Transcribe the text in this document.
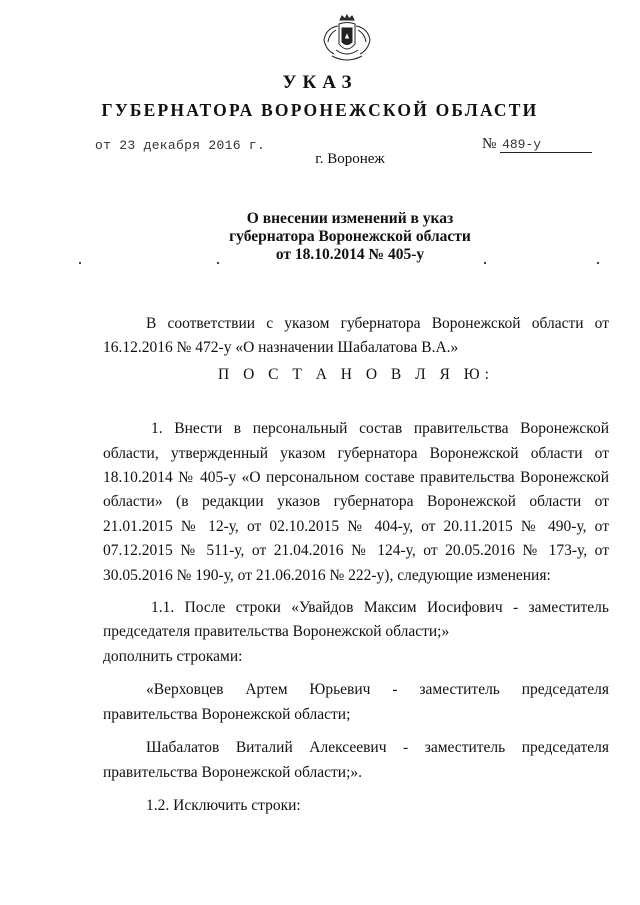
УКАЗ
ГУБЕРНАТОРА ВОРОНЕЖСКОЙ ОБЛАСТИ
от 23 декабря 2016 г.	№ 489-у
г. Воронеж
О внесении изменений в указ
губернатора Воронежской области
от 18.10.2014 № 405-у

В соответствии с указом губернатора Воронежской области от 16.12.2016 № 472-у «О назначении Шабалатова В.А.»

П О С Т А Н О В Л Я Ю:

1. Внести в персональный состав правительства Воронежской области, утвержденный указом губернатора Воронежской области от 18.10.2014 № 405-у «О персональном составе правительства Воронежской области» (в редакции указов губернатора Воронежской области от 21.01.2015 № 12-у, от 02.10.2015 № 404-у, от 20.11.2015 № 490-у, от 07.12.2015 № 511-у, от 21.04.2016 № 124-у, от 20.05.2016 № 173-у, от 30.05.2016 № 190-у, от 21.06.2016 № 222-у), следующие изменения:

1.1. После строки «Увайдов Максим Иосифович - заместитель председателя правительства Воронежской области;»

дополнить строками:

«Верховцев Артем Юрьевич - заместитель председателя правительства Воронежской области;

Шабалатов Виталий Алексеевич - заместитель председателя правительства Воронежской области;».

1.2. Исключить строки:
